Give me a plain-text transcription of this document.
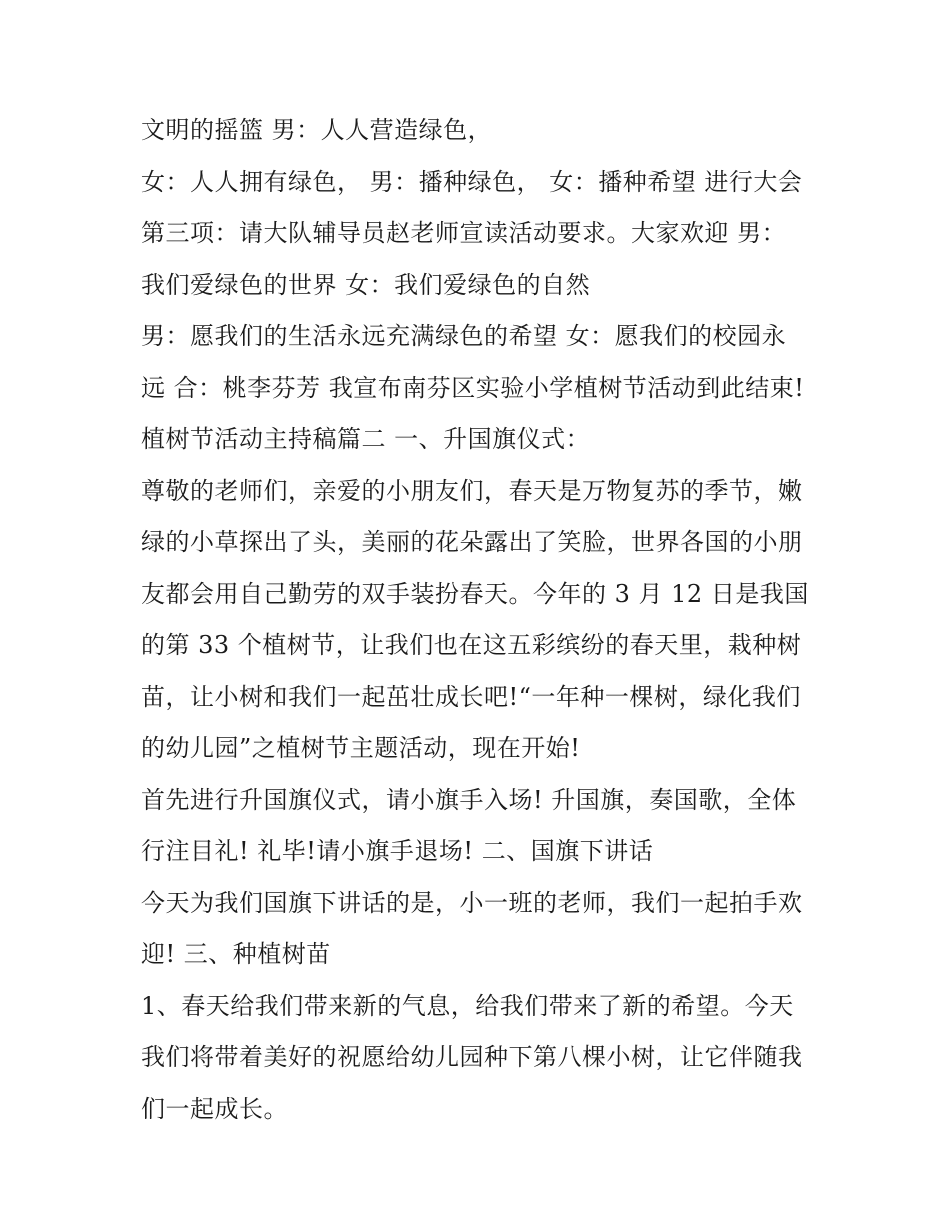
文明的摇篮 男：人人营造绿色，
女：人人拥有绿色， 男：播种绿色， 女：播种希望 进行大会
第三项：请大队辅导员赵老师宣读活动要求。大家欢迎 男：
我们爱绿色的世界 女：我们爱绿色的自然
男：愿我们的生活永远充满绿色的希望 女：愿我们的校园永
远 合：桃李芬芳 我宣布南芬区实验小学植树节活动到此结束!
植树节活动主持稿篇二 一、升国旗仪式：
尊敬的老师们，亲爱的小朋友们，春天是万物复苏的季节，嫩
绿的小草探出了头，美丽的花朵露出了笑脸，世界各国的小朋
友都会用自己勤劳的双手装扮春天。今年的 3 月 12 日是我国
的第 33 个植树节，让我们也在这五彩缤纷的春天里，栽种树
苗，让小树和我们一起茁壮成长吧!“一年种一棵树，绿化我们
的幼儿园”之植树节主题活动，现在开始!
首先进行升国旗仪式，请小旗手入场! 升国旗，奏国歌，全体
行注目礼! 礼毕!请小旗手退场! 二、国旗下讲话
今天为我们国旗下讲话的是，小一班的老师，我们一起拍手欢
迎! 三、种植树苗
1、春天给我们带来新的气息，给我们带来了新的希望。今天
我们将带着美好的祝愿给幼儿园种下第八棵小树，让它伴随我
们一起成长。
